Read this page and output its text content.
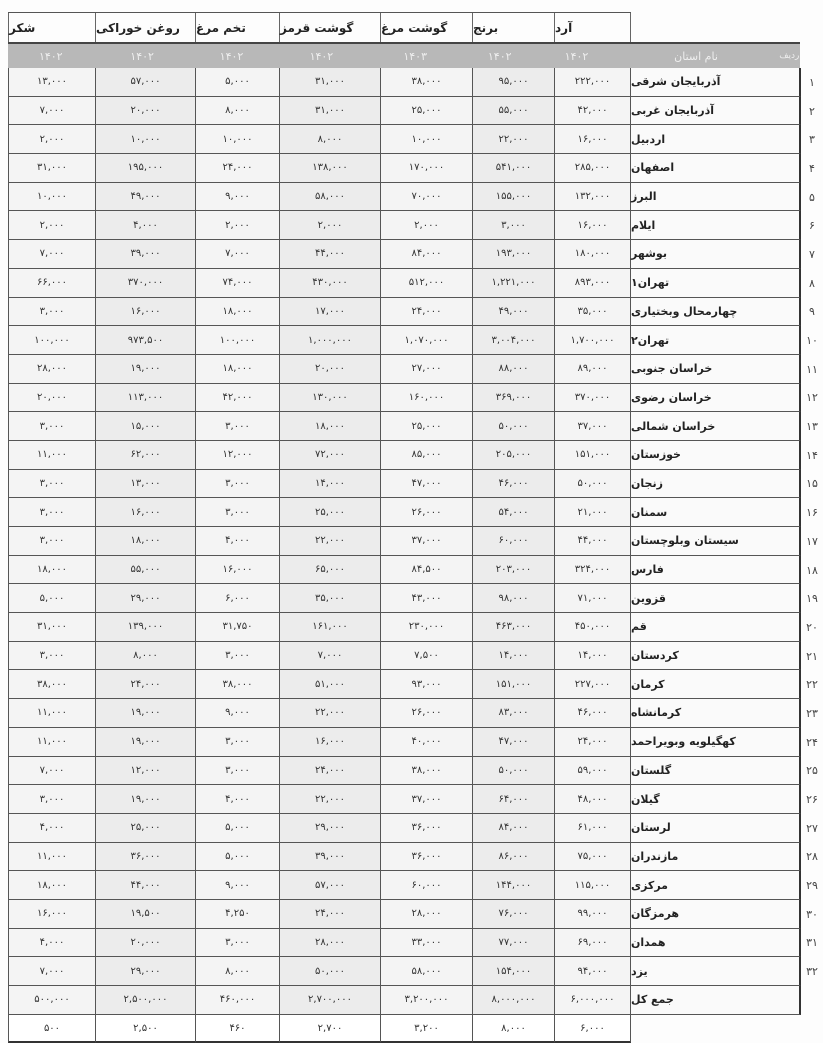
شکر	روغن خوراکی	تخم مرغ	گوشت قرمز	گوشت مرغ	برنج	آرد
۱۴۰۲	۱۴۰۲	۱۴۰۲	۱۴۰۲	۱۴۰۳	۱۴۰۲	۱۴۰۲	نام استان	ردیف
۱۳,۰۰۰	۵۷,۰۰۰	۵,۰۰۰	۳۱,۰۰۰	۳۸,۰۰۰	۹۵,۰۰۰	۲۲۲,۰۰۰	آذربایجان شرقی	۱
۷,۰۰۰	۲۰,۰۰۰	۸,۰۰۰	۳۱,۰۰۰	۲۵,۰۰۰	۵۵,۰۰۰	۴۲,۰۰۰	آذربایجان غربی	۲
۲,۰۰۰	۱۰,۰۰۰	۱۰,۰۰۰	۸,۰۰۰	۱۰,۰۰۰	۲۲,۰۰۰	۱۶,۰۰۰	اردبیل	۳
۳۱,۰۰۰	۱۹۵,۰۰۰	۲۴,۰۰۰	۱۳۸,۰۰۰	۱۷۰,۰۰۰	۵۴۱,۰۰۰	۲۸۵,۰۰۰	اصفهان	۴
۱۰,۰۰۰	۴۹,۰۰۰	۹,۰۰۰	۵۸,۰۰۰	۷۰,۰۰۰	۱۵۵,۰۰۰	۱۳۲,۰۰۰	البرز	۵
۲,۰۰۰	۴,۰۰۰	۲,۰۰۰	۲,۰۰۰	۲,۰۰۰	۳,۰۰۰	۱۶,۰۰۰	ایلام	۶
۷,۰۰۰	۳۹,۰۰۰	۷,۰۰۰	۴۴,۰۰۰	۸۴,۰۰۰	۱۹۳,۰۰۰	۱۸۰,۰۰۰	بوشهر	۷
۶۶,۰۰۰	۳۷۰,۰۰۰	۷۴,۰۰۰	۴۳۰,۰۰۰	۵۱۲,۰۰۰	۱,۲۲۱,۰۰۰	۸۹۳,۰۰۰	تهران۱	۸
۳,۰۰۰	۱۶,۰۰۰	۱۸,۰۰۰	۱۷,۰۰۰	۲۴,۰۰۰	۴۹,۰۰۰	۳۵,۰۰۰	چهارمحال وبختیاری	۹
۱۰۰,۰۰۰	۹۷۳,۵۰۰	۱۰۰,۰۰۰	۱,۰۰۰,۰۰۰	۱,۰۷۰,۰۰۰	۳,۰۰۴,۰۰۰	۱,۷۰۰,۰۰۰	تهران۲	۱۰
۲۸,۰۰۰	۱۹,۰۰۰	۱۸,۰۰۰	۲۰,۰۰۰	۲۷,۰۰۰	۸۸,۰۰۰	۸۹,۰۰۰	خراسان جنوبی	۱۱
۲۰,۰۰۰	۱۱۳,۰۰۰	۴۲,۰۰۰	۱۳۰,۰۰۰	۱۶۰,۰۰۰	۳۶۹,۰۰۰	۳۷۰,۰۰۰	خراسان رضوی	۱۲
۳,۰۰۰	۱۵,۰۰۰	۳,۰۰۰	۱۸,۰۰۰	۲۵,۰۰۰	۵۰,۰۰۰	۳۷,۰۰۰	خراسان شمالی	۱۳
۱۱,۰۰۰	۶۲,۰۰۰	۱۲,۰۰۰	۷۲,۰۰۰	۸۵,۰۰۰	۲۰۵,۰۰۰	۱۵۱,۰۰۰	خوزستان	۱۴
۳,۰۰۰	۱۳,۰۰۰	۳,۰۰۰	۱۴,۰۰۰	۴۷,۰۰۰	۴۶,۰۰۰	۵۰,۰۰۰	زنجان	۱۵
۳,۰۰۰	۱۶,۰۰۰	۳,۰۰۰	۲۵,۰۰۰	۲۶,۰۰۰	۵۴,۰۰۰	۲۱,۰۰۰	سمنان	۱۶
۳,۰۰۰	۱۸,۰۰۰	۴,۰۰۰	۲۲,۰۰۰	۳۷,۰۰۰	۶۰,۰۰۰	۴۴,۰۰۰	سیستان وبلوچستان	۱۷
۱۸,۰۰۰	۵۵,۰۰۰	۱۶,۰۰۰	۶۵,۰۰۰	۸۴,۵۰۰	۲۰۳,۰۰۰	۳۲۴,۰۰۰	فارس	۱۸
۵,۰۰۰	۲۹,۰۰۰	۶,۰۰۰	۳۵,۰۰۰	۴۳,۰۰۰	۹۸,۰۰۰	۷۱,۰۰۰	قزوین	۱۹
۳۱,۰۰۰	۱۳۹,۰۰۰	۳۱,۷۵۰	۱۶۱,۰۰۰	۲۳۰,۰۰۰	۴۶۳,۰۰۰	۴۵۰,۰۰۰	قم	۲۰
۳,۰۰۰	۸,۰۰۰	۳,۰۰۰	۷,۰۰۰	۷,۵۰۰	۱۴,۰۰۰	۱۴,۰۰۰	کردستان	۲۱
۳۸,۰۰۰	۲۴,۰۰۰	۳۸,۰۰۰	۵۱,۰۰۰	۹۳,۰۰۰	۱۵۱,۰۰۰	۲۲۷,۰۰۰	کرمان	۲۲
۱۱,۰۰۰	۱۹,۰۰۰	۹,۰۰۰	۲۲,۰۰۰	۲۶,۰۰۰	۸۳,۰۰۰	۴۶,۰۰۰	کرمانشاه	۲۳
۱۱,۰۰۰	۱۹,۰۰۰	۳,۰۰۰	۱۶,۰۰۰	۴۰,۰۰۰	۴۷,۰۰۰	۲۴,۰۰۰	کهگیلویه وبویراحمد	۲۴
۷,۰۰۰	۱۲,۰۰۰	۳,۰۰۰	۲۴,۰۰۰	۳۸,۰۰۰	۵۰,۰۰۰	۵۹,۰۰۰	گلستان	۲۵
۳,۰۰۰	۱۹,۰۰۰	۴,۰۰۰	۲۲,۰۰۰	۳۷,۰۰۰	۶۴,۰۰۰	۴۸,۰۰۰	گیلان	۲۶
۴,۰۰۰	۲۵,۰۰۰	۵,۰۰۰	۲۹,۰۰۰	۳۶,۰۰۰	۸۴,۰۰۰	۶۱,۰۰۰	لرستان	۲۷
۱۱,۰۰۰	۳۶,۰۰۰	۵,۰۰۰	۳۹,۰۰۰	۳۶,۰۰۰	۸۶,۰۰۰	۷۵,۰۰۰	مازندران	۲۸
۱۸,۰۰۰	۴۴,۰۰۰	۹,۰۰۰	۵۷,۰۰۰	۶۰,۰۰۰	۱۴۴,۰۰۰	۱۱۵,۰۰۰	مرکزی	۲۹
۱۶,۰۰۰	۱۹,۵۰۰	۴,۲۵۰	۲۴,۰۰۰	۲۸,۰۰۰	۷۶,۰۰۰	۹۹,۰۰۰	هرمزگان	۳۰
۴,۰۰۰	۲۰,۰۰۰	۳,۰۰۰	۲۸,۰۰۰	۳۳,۰۰۰	۷۷,۰۰۰	۶۹,۰۰۰	همدان	۳۱
۷,۰۰۰	۲۹,۰۰۰	۸,۰۰۰	۵۰,۰۰۰	۵۸,۰۰۰	۱۵۴,۰۰۰	۹۴,۰۰۰	یزد	۳۲
۵۰۰,۰۰۰	۲,۵۰۰,۰۰۰	۴۶۰,۰۰۰	۲,۷۰۰,۰۰۰	۳,۲۰۰,۰۰۰	۸,۰۰۰,۰۰۰	۶,۰۰۰,۰۰۰	جمع کل
۵۰۰	۲,۵۰۰	۴۶۰	۲,۷۰۰	۳,۲۰۰	۸,۰۰۰	۶,۰۰۰
